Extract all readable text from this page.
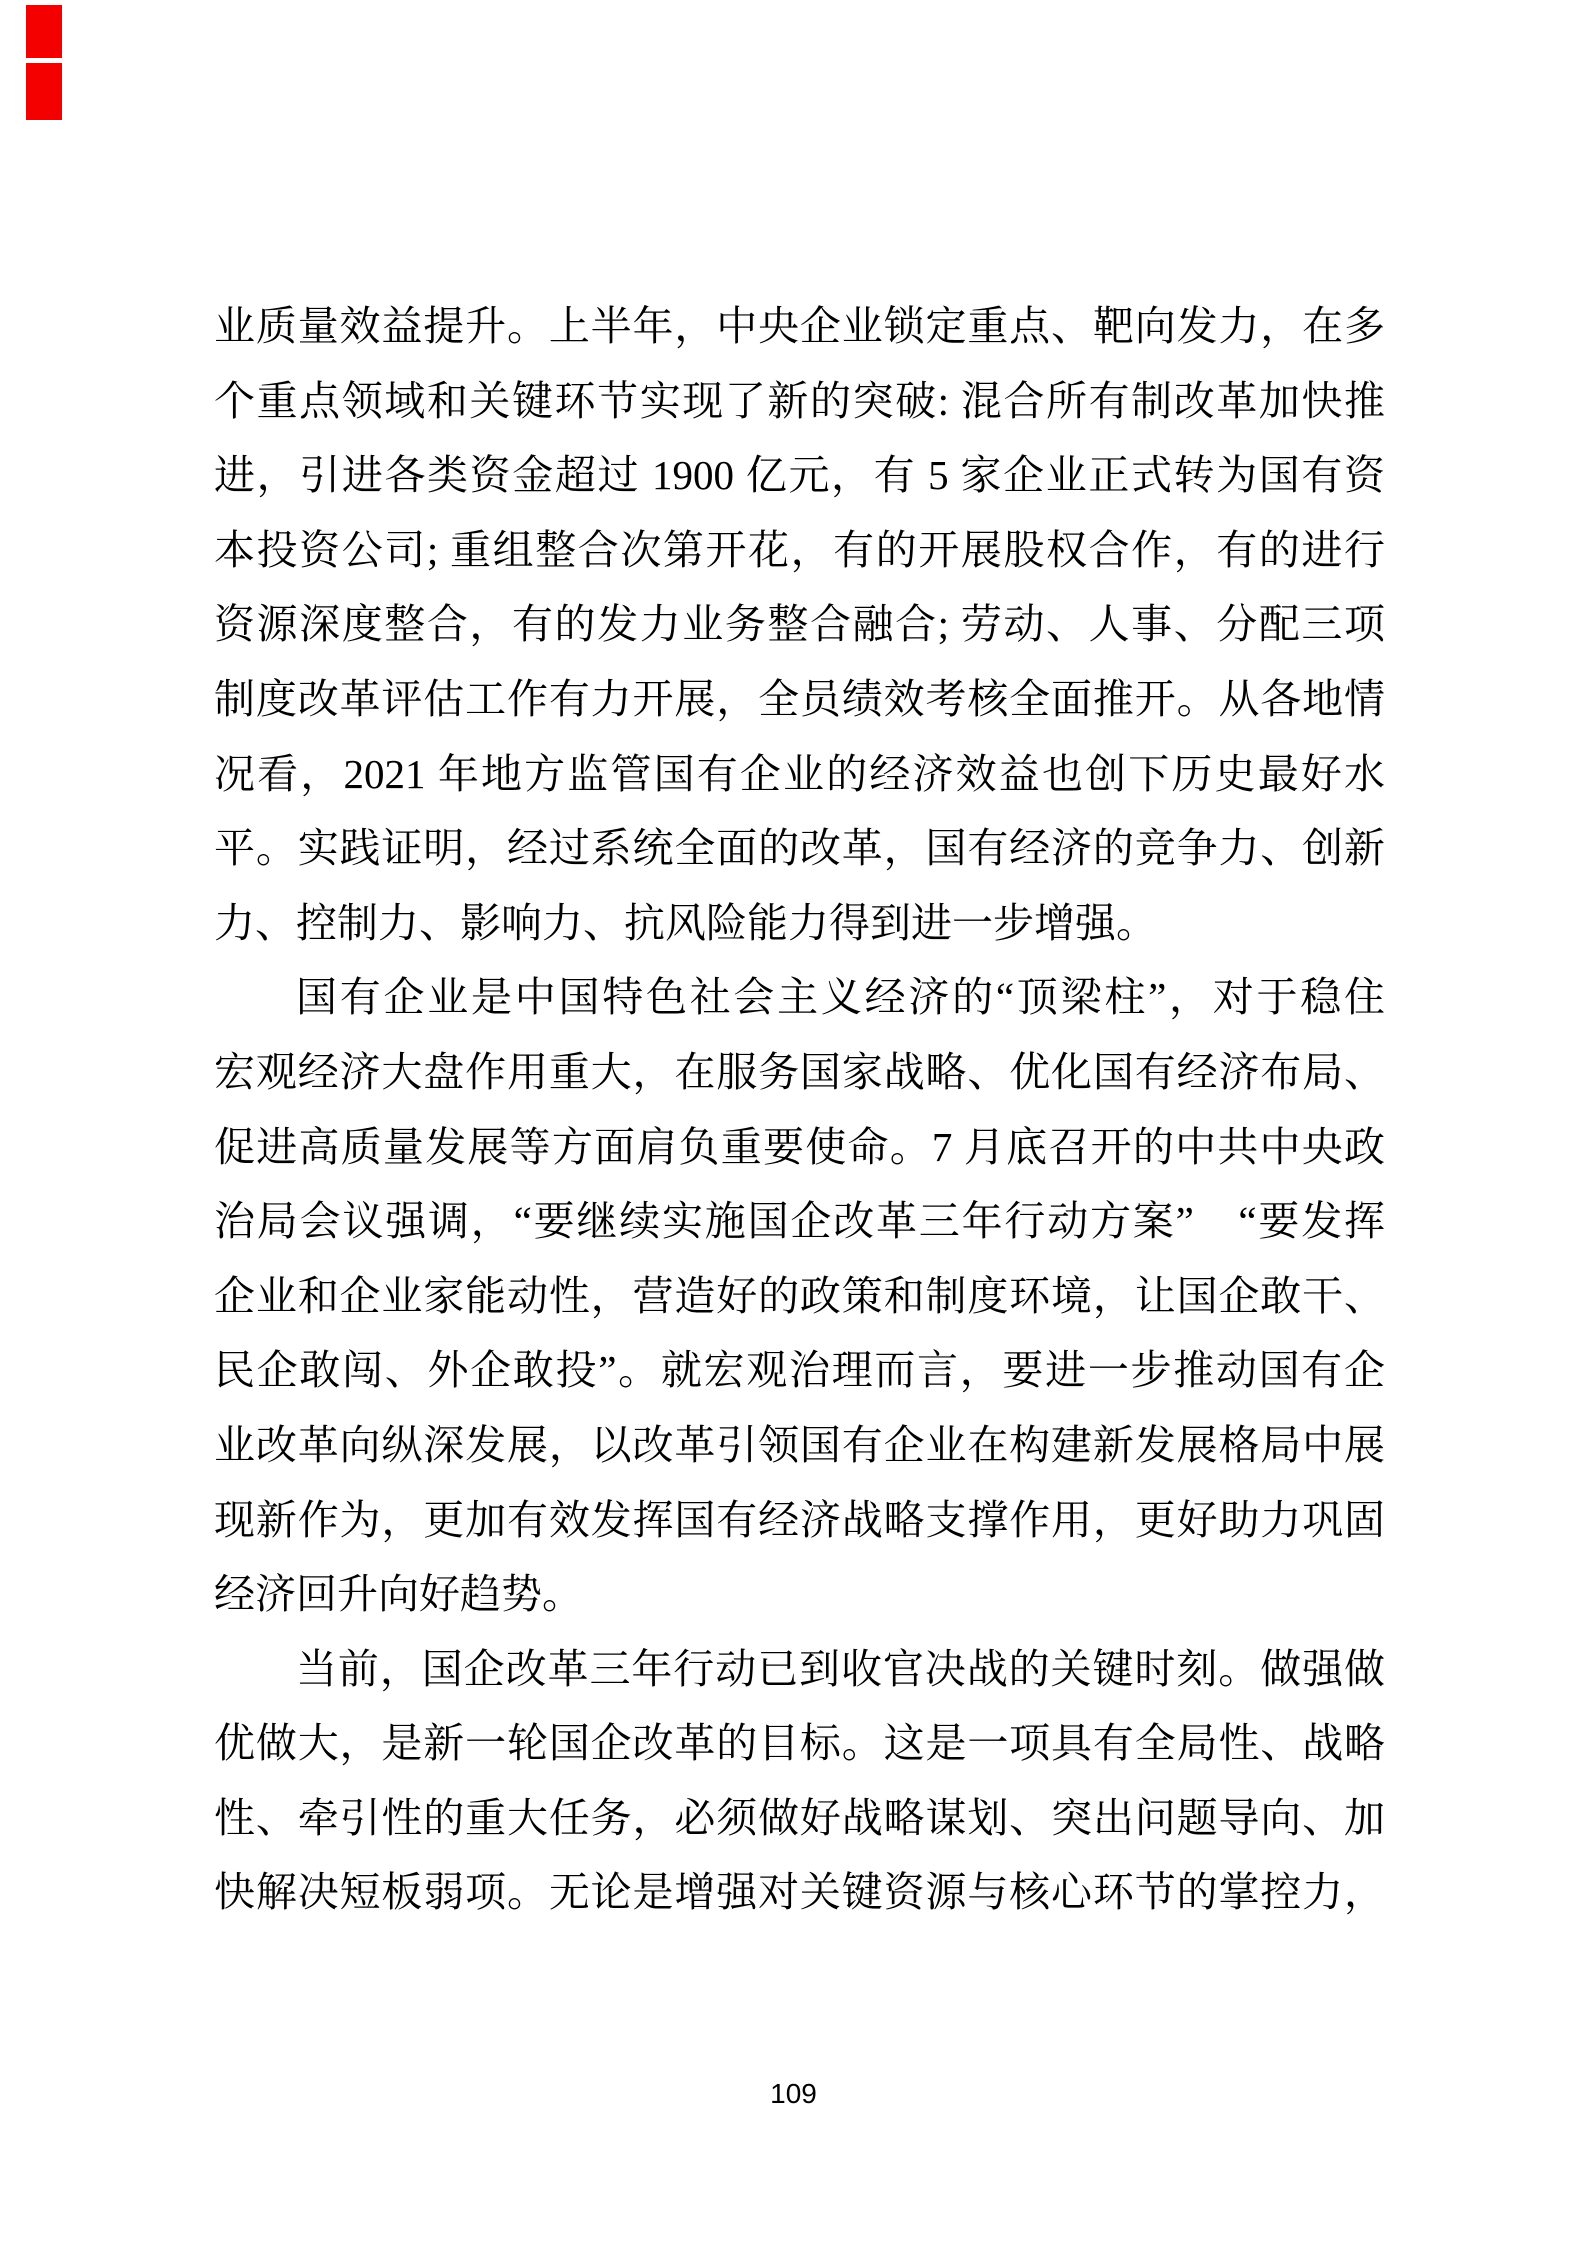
业质量效益提升。上半年，中央企业锁定重点、靶向发力，在多
个重点领域和关键环节实现了新的突破: 混合所有制改革加快推
进，引进各类资金超过 1900 亿元，有 5 家企业正式转为国有资
本投资公司; 重组整合次第开花，有的开展股权合作，有的进行
资源深度整合，有的发力业务整合融合; 劳动、人事、分配三项
制度改革评估工作有力开展，全员绩效考核全面推开。从各地情
况看，2021 年地方监管国有企业的经济效益也创下历史最好水
平。实践证明，经过系统全面的改革，国有经济的竞争力、创新
力、控制力、影响力、抗风险能力得到进一步增强。
国有企业是中国特色社会主义经济的“顶梁柱”，对于稳住
宏观经济大盘作用重大，在服务国家战略、优化国有经济布局、
促进高质量发展等方面肩负重要使命。7 月底召开的中共中央政
治局会议强调，“要继续实施国企改革三年行动方案”　“要发挥
企业和企业家能动性，营造好的政策和制度环境，让国企敢干、
民企敢闯、外企敢投”。就宏观治理而言，要进一步推动国有企
业改革向纵深发展，以改革引领国有企业在构建新发展格局中展
现新作为，更加有效发挥国有经济战略支撑作用，更好助力巩固
经济回升向好趋势。
当前，国企改革三年行动已到收官决战的关键时刻。做强做
优做大，是新一轮国企改革的目标。这是一项具有全局性、战略
性、牵引性的重大任务，必须做好战略谋划、突出问题导向、加
快解决短板弱项。无论是增强对关键资源与核心环节的掌控力，
109
